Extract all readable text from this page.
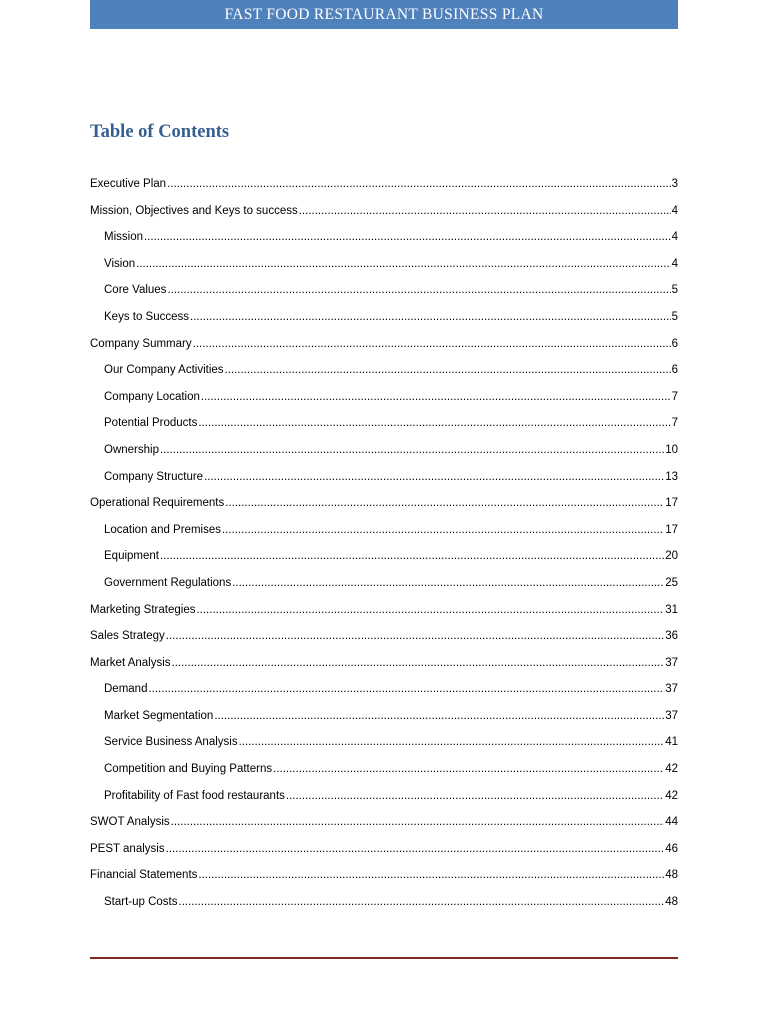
FAST FOOD RESTAURANT BUSINESS PLAN
Table of Contents
Executive Plan .....	3
Mission, Objectives and Keys to success .....	4
Mission .....	4
Vision .....	4
Core Values .....	5
Keys to Success .....	5
Company Summary .....	6
Our Company Activities .....	6
Company Location .....	7
Potential Products .....	7
Ownership .....	10
Company Structure .....	13
Operational Requirements .....	17
Location and Premises .....	17
Equipment .....	20
Government Regulations .....	25
Marketing Strategies .....	31
Sales Strategy .....	36
Market Analysis .....	37
Demand .....	37
Market Segmentation .....	37
Service Business Analysis .....	41
Competition and Buying Patterns .....	42
Profitability of Fast food restaurants .....	42
SWOT Analysis .....	44
PEST analysis .....	46
Financial Statements .....	48
Start-up Costs .....	48
